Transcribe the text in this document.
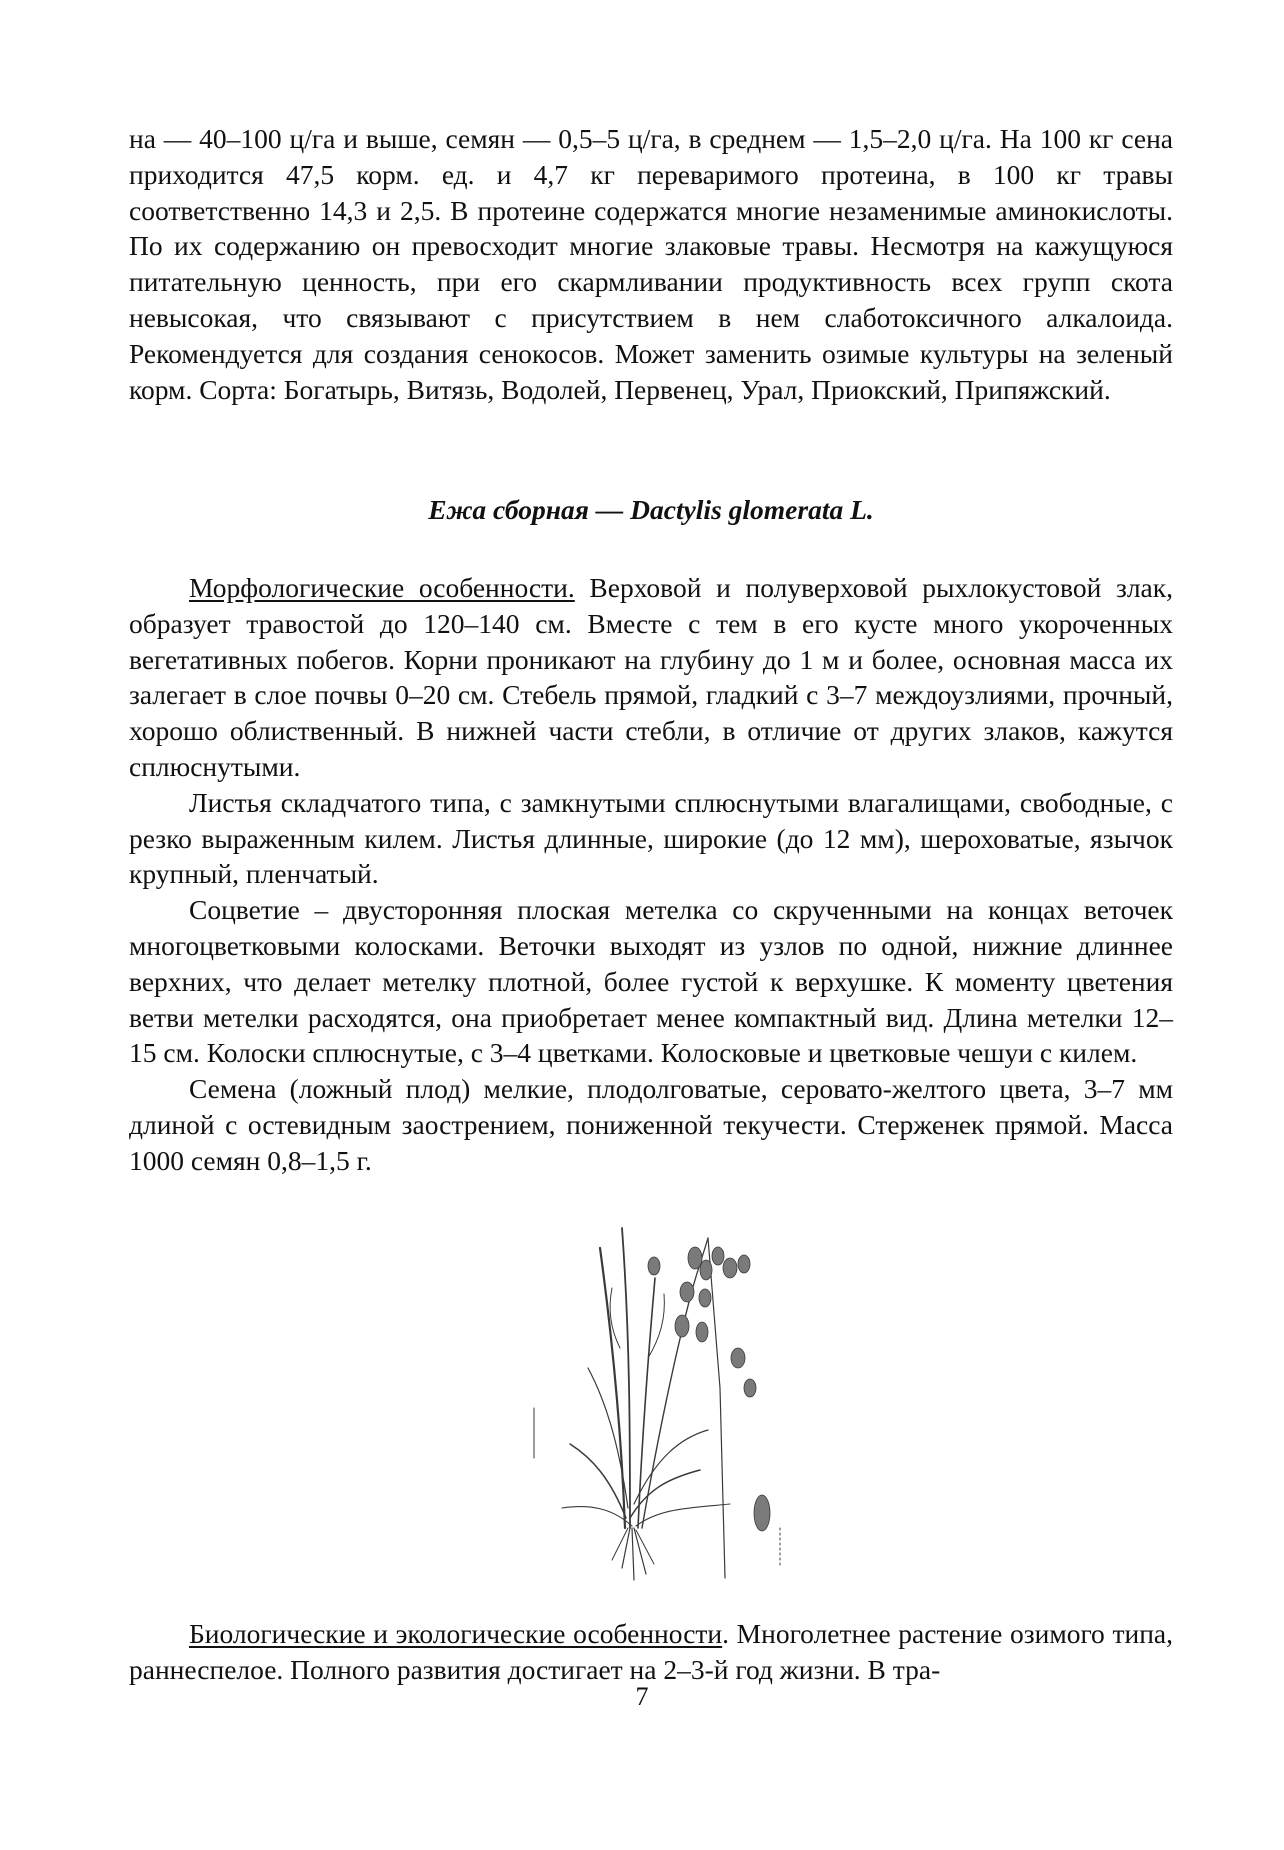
на — 40–100 ц/га и выше, семян — 0,5–5 ц/га, в среднем — 1,5–2,0 ц/га. На 100 кг сена приходится 47,5 корм. ед. и 4,7 кг переваримого протеина, в 100 кг травы соответственно 14,3 и 2,5. В протеине содержатся многие незаменимые аминокислоты. По их содержанию он превосходит многие злаковые травы. Несмотря на кажущуюся питательную ценность, при его скармливании продуктивность всех групп скота невысокая, что связывают с присутствием в нем слаботоксичного алкалоида. Рекомендуется для создания сенокосов. Может заменить озимые культуры на зеленый корм. Сорта: Богатырь, Витязь, Водолей, Первенец, Урал, Приокский, Припяжский.

Ежа сборная — Dactylis glomerata L.

Морфологические особенности. Верховой и полуверховой рыхлокустовой злак, образует травостой до 120–140 см. Вместе с тем в его кусте много укороченных вегетативных побегов. Корни проникают на глубину до 1 м и более, основная масса их залегает в слое почвы 0–20 см. Стебель прямой, гладкий с 3–7 междоузлиями, прочный, хорошо облиственный. В нижней части стебли, в отличие от других злаков, кажутся сплюснутыми.

Листья складчатого типа, с замкнутыми сплюснутыми влагалищами, свободные, с резко выраженным килем. Листья длинные, широкие (до 12 мм), шероховатые, язычок крупный, пленчатый.

Соцветие – двусторонняя плоская метелка со скрученными на концах веточек многоцветковыми колосками. Веточки выходят из узлов по одной, нижние длиннее верхних, что делает метелку плотной, более густой к верхушке. К моменту цветения ветви метелки расходятся, она приобретает менее компактный вид. Длина метелки 12–15 см. Колоски сплюснутые, с 3–4 цветками. Колосковые и цветковые чешуи с килем.

Семена (ложный плод) мелкие, плодолговатые, серовато-желтого цвета, 3–7 мм длиной с остевидным заострением, пониженной текучести. Стерженек прямой. Масса 1000 семян 0,8–1,5 г.

Биологические и экологические особенности. Многолетнее растение озимого типа, раннеспелое. Полного развития достигает на 2–3-й год жизни. В тра-

7
